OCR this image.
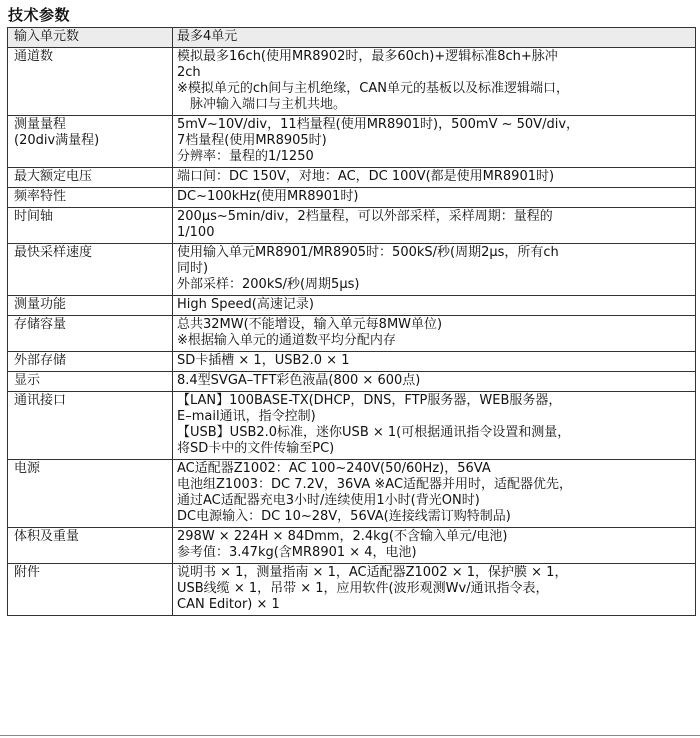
技术参数
输入单元数	最多4单元

通道数	模拟最多16ch(使用MR8902时，最多60ch)+逻辑标准8ch+脉冲
2ch
※模拟单元的ch间与主机绝缘，CAN单元的基板以及标准逻辑端口，
脉冲输入端口与主机共地。

测量量程
(20div满量程)	5mV~10V/div，11档量程(使用MR8901时)，500mV ~ 50V/div，
7档量程(使用MR8905时)
分辨率：量程的1/1250

最大额定电压	端口间：DC 150V，对地：AC，DC 100V(都是使用MR8901时)

频率特性	DC~100kHz(使用MR8901时)

时间轴	200μs~5min/div，2档量程，可以外部采样，采样周期：量程的
1/100

最快采样速度	使用输入单元MR8901/MR8905时：500kS/秒(周期2μs，所有ch
同时)
外部采样：200kS/秒(周期5μs)

测量功能	High Speed(高速记录)

存储容量	总共32MW(不能增设，输入单元每8MW单位)
※根据输入单元的通道数平均分配内存

外部存储	SD卡插槽 × 1，USB2.0 × 1

显示	8.4型SVGA–TFT彩色液晶(800 × 600点)

通讯接口	【LAN】100BASE-TX(DHCP，DNS，FTP服务器，WEB服务器，
E–mail通讯，指令控制)
【USB】USB2.0标准，迷你USB × 1(可根据通讯指令设置和测量，
将SD卡中的文件传输至PC)

电源	AC适配器Z1002：AC 100~240V(50/60Hz)，56VA
电池组Z1003：DC 7.2V，36VA ※AC适配器并用时，适配器优先，
通过AC适配器充电3小时/连续使用1小时(背光ON时)
DC电源输入：DC 10~28V，56VA(连接线需订购特制品)

体积及重量	298W × 224H × 84Dmm，2.4kg(不含输入单元/电池)
参考值：3.47kg(含MR8901 × 4，电池)

附件	说明书 × 1，测量指南 × 1，AC适配器Z1002 × 1，保护膜 × 1，
USB线缆 × 1，吊带 × 1，应用软件(波形观测Wv/通讯指令表，
CAN Editor) × 1
